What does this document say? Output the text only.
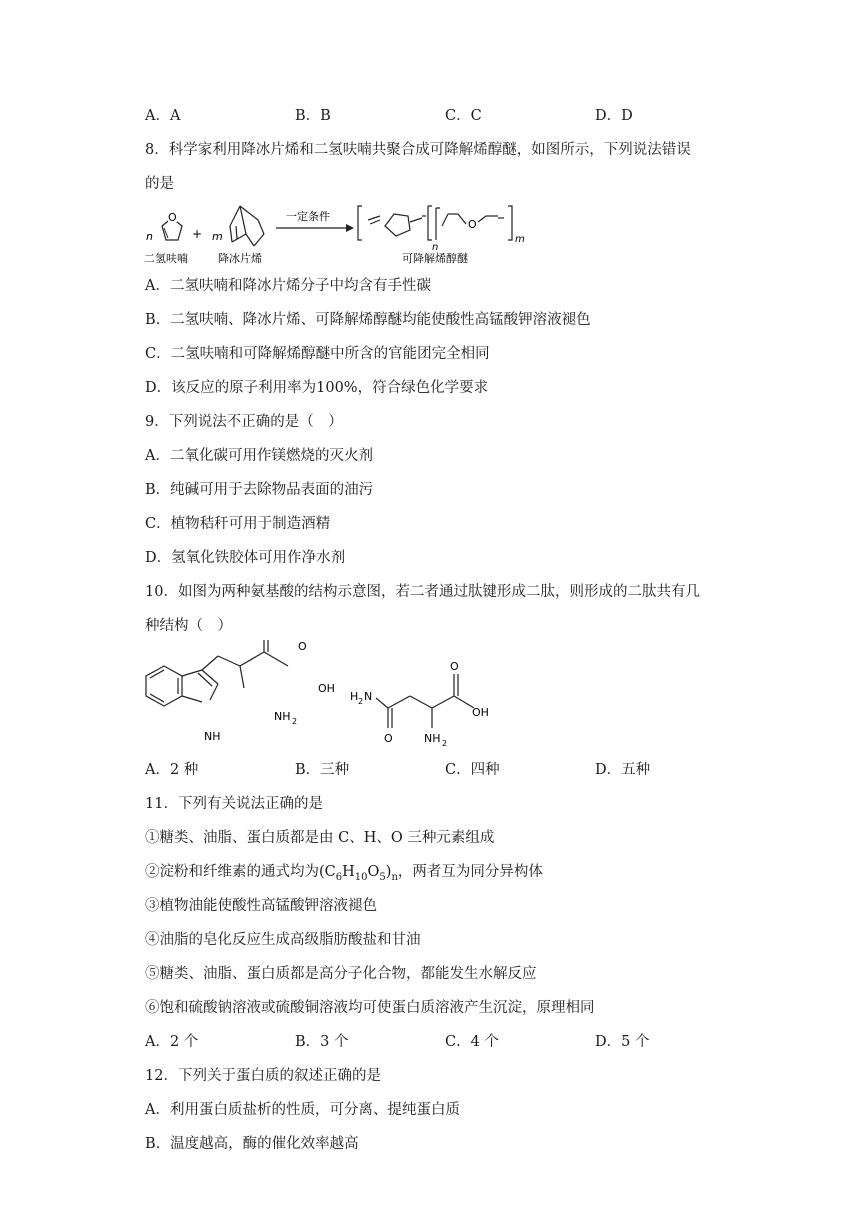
A．A	B．B	C．C	D．D
8．科学家利用降冰片烯和二氢呋喃共聚合成可降解烯醇醚，如图所示，下列说法错误
的是
n
O
+ m
一定条件
O
n
m
二氢呋喃	降冰片烯	可降解烯醇醚
A．二氢呋喃和降冰片烯分子中均含有手性碳
B．二氢呋喃、降冰片烯、可降解烯醇醚均能使酸性高锰酸钾溶液褪色
C．二氢呋喃和可降解烯醇醚中所含的官能团完全相同
D．该反应的原子利用率为100%，符合绿色化学要求
9．下列说法不正确的是（　）
A．二氧化碳可用作镁燃烧的灭火剂
B．纯碱可用于去除物品表面的油污
C．植物秸秆可用于制造酒精
D．氢氧化铁胶体可用作净水剂
10．如图为两种氨基酸的结构示意图，若二者通过肽键形成二肽，则形成的二肽共有几
种结构（　）
O
OH
NH 2
NH
H 2 N
O
O
OH
NH 2
A．2 种	B．三种	C．四种	D．五种
11．下列有关说法正确的是
①糖类、油脂、蛋白质都是由 C、H、O 三种元素组成
②淀粉和纤维素的通式均为$(C_6H_{10}O_5)_n$，两者互为同分异构体
③植物油能使酸性高锰酸钾溶液褪色
④油脂的皂化反应生成高级脂肪酸盐和甘油
⑤糖类、油脂、蛋白质都是高分子化合物，都能发生水解反应
⑥饱和硫酸钠溶液或硫酸铜溶液均可使蛋白质溶液产生沉淀，原理相同
A．2 个	B．3 个	C．4 个	D．5 个
12．下列关于蛋白质的叙述正确的是
A．利用蛋白质盐析的性质，可分离、提纯蛋白质
B．温度越高，酶的催化效率越高
